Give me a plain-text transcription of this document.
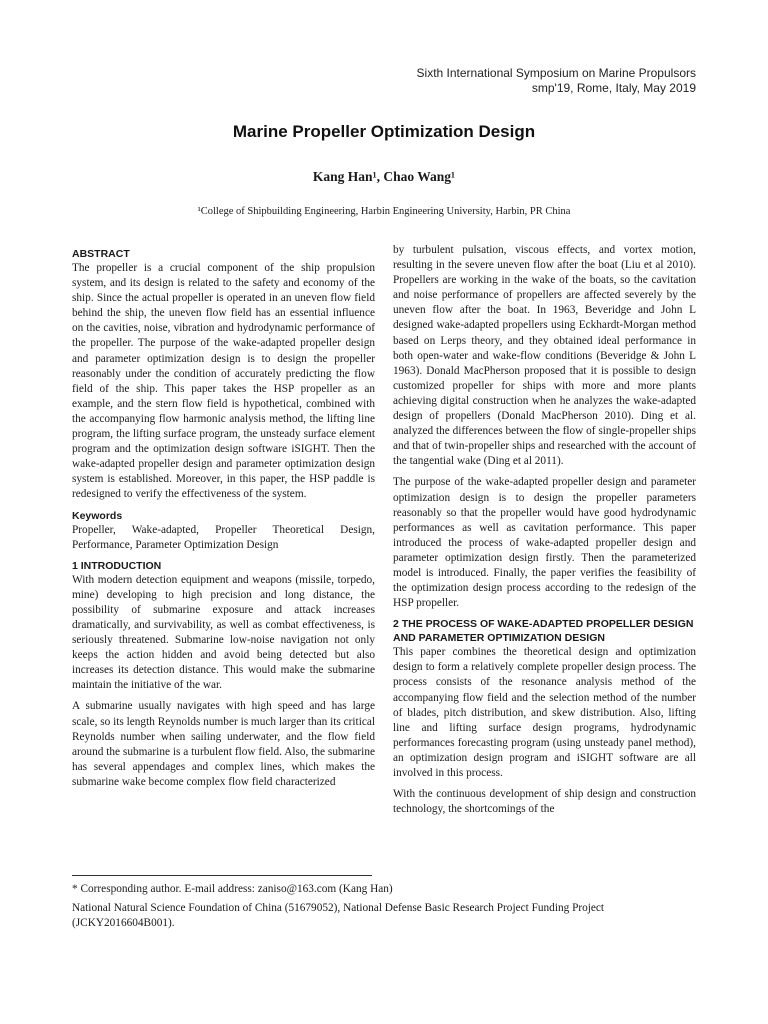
Sixth International Symposium on Marine Propulsors
smp'19, Rome, Italy, May 2019
Marine Propeller Optimization Design
Kang Han¹, Chao Wang¹
¹College of Shipbuilding Engineering, Harbin Engineering University, Harbin, PR China
ABSTRACT

The propeller is a crucial component of the ship propulsion system, and its design is related to the safety and economy of the ship. Since the actual propeller is operated in an uneven flow field behind the ship, the uneven flow field has an essential influence on the cavities, noise, vibration and hydrodynamic performance of the propeller. The purpose of the wake-adapted propeller design and parameter optimization design is to design the propeller reasonably under the condition of accurately predicting the flow field of the ship. This paper takes the HSP propeller as an example, and the stern flow field is hypothetical, combined with the accompanying flow harmonic analysis method, the lifting line program, the lifting surface program, the unsteady surface element program and the optimization design software iSIGHT. Then the wake-adapted propeller design and parameter optimization design system is established. Moreover, in this paper, the HSP paddle is redesigned to verify the effectiveness of the system.

Keywords

Propeller, Wake-adapted, Propeller Theoretical Design, Performance, Parameter Optimization Design

1 INTRODUCTION

With modern detection equipment and weapons (missile, torpedo, mine) developing to high precision and long distance, the possibility of submarine exposure and attack increases dramatically, and survivability, as well as combat effectiveness, is seriously threatened. Submarine low-noise navigation not only keeps the action hidden and avoid being detected but also increases its detection distance. This would make the submarine maintain the initiative of the war.

A submarine usually navigates with high speed and has large scale, so its length Reynolds number is much larger than its critical Reynolds number when sailing underwater, and the flow field around the submarine is a turbulent flow field. Also, the submarine has several appendages and complex lines, which makes the submarine wake become complex flow field characterized

by turbulent pulsation, viscous effects, and vortex motion, resulting in the severe uneven flow after the boat (Liu et al 2010). Propellers are working in the wake of the boats, so the cavitation and noise performance of propellers are affected severely by the uneven flow after the boat. In 1963, Beveridge and John L designed wake-adapted propellers using Eckhardt-Morgan method based on Lerps theory, and they obtained ideal performance in both open-water and wake-flow conditions (Beveridge & John L 1963). Donald MacPherson proposed that it is possible to design customized propeller for ships with more and more plants achieving digital construction when he analyzes the wake-adapted design of propellers (Donald MacPherson 2010). Ding et al. analyzed the differences between the flow of single-propeller ships and that of twin-propeller ships and researched with the account of the tangential wake (Ding et al 2011).

The purpose of the wake-adapted propeller design and parameter optimization design is to design the propeller parameters reasonably so that the propeller would have good hydrodynamic performances as well as cavitation performance. This paper introduced the process of wake-adapted propeller design and parameter optimization design firstly. Then the parameterized model is introduced. Finally, the paper verifies the feasibility of the optimization design process according to the redesign of the HSP propeller.

2 THE PROCESS OF WAKE-ADAPTED PROPELLER DESIGN AND PARAMETER OPTIMIZATION DESIGN

This paper combines the theoretical design and optimization design to form a relatively complete propeller design process. The process consists of the resonance analysis method of the accompanying flow field and the selection method of the number of blades, pitch distribution, and skew distribution. Also, lifting line and lifting surface design programs, hydrodynamic performances forecasting program (using unsteady panel method), an optimization design program and iSIGHT software are all involved in this process.

With the continuous development of ship design and construction technology, the shortcomings of the

* Corresponding author. E-mail address: zaniso@163.com (Kang Han)
National Natural Science Foundation of China (51679052), National Defense Basic Research Project Funding Project (JCKY2016604B001).
